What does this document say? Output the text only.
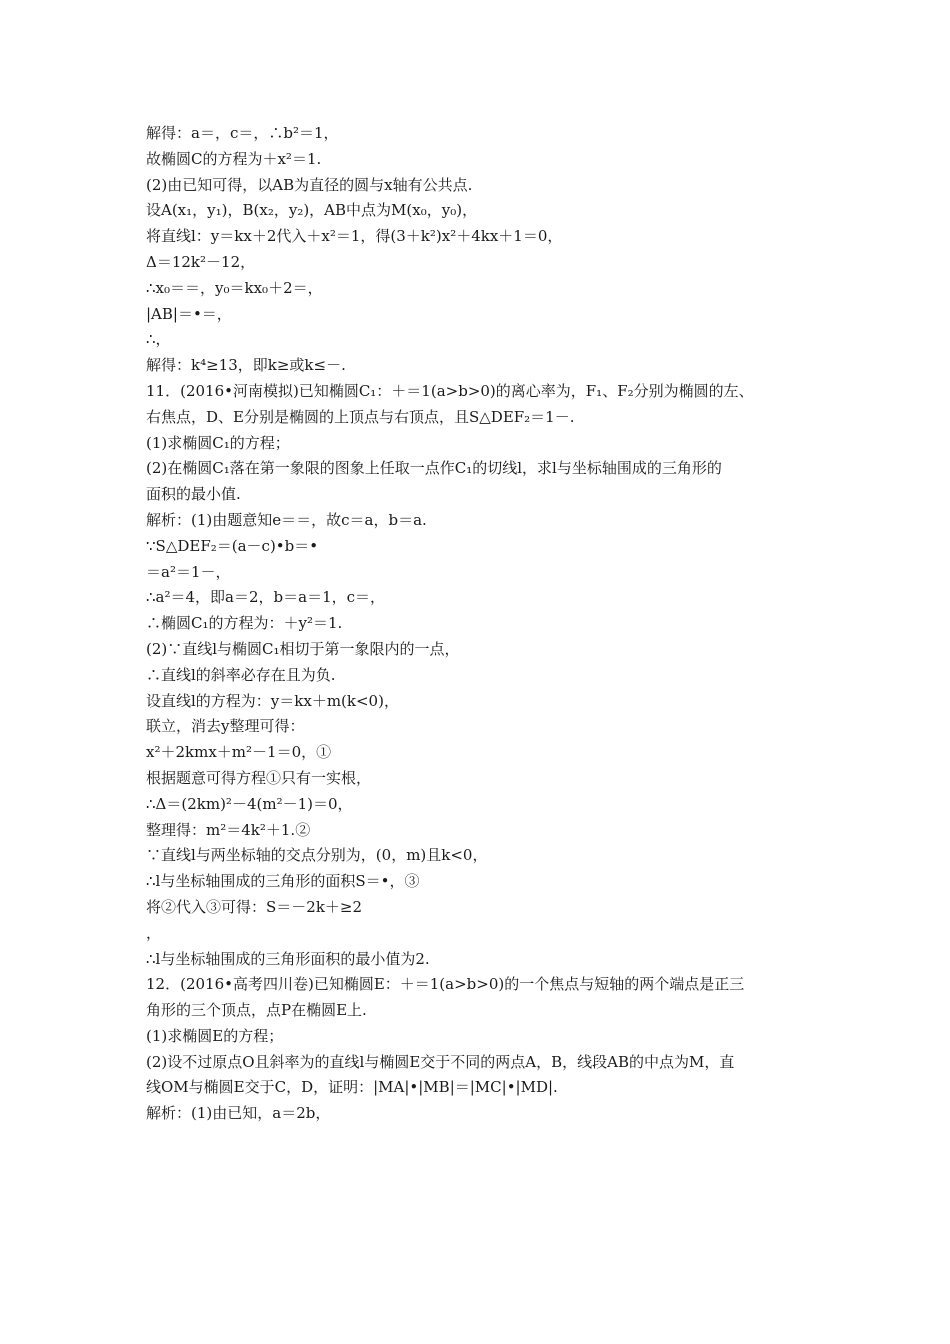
解得：a＝，c＝，∴b²＝1，
故椭圆C的方程为＋x²＝1.
(2)由已知可得，以AB为直径的圆与x轴有公共点.
设A(x₁，y₁)，B(x₂，y₂)，AB中点为M(x₀，y₀)，
将直线l：y＝kx＋2代入＋x²＝1，得(3＋k²)x²＋4kx＋1＝0，
Δ＝12k²－12，
∴x₀＝＝，y₀＝kx₀＋2＝，
|AB|＝•＝，
∴，
解得：k⁴≥13，即k≥或k≤－.
11．(2016•河南模拟)已知椭圆C₁：＋＝1(a>b>0)的离心率为，F₁、F₂分别为椭圆的左、
右焦点，D、E分别是椭圆的上顶点与右顶点，且S△DEF₂＝1－.
(1)求椭圆C₁的方程；
(2)在椭圆C₁落在第一象限的图象上任取一点作C₁的切线l，求l与坐标轴围成的三角形的
面积的最小值.
解析：(1)由题意知e＝＝，故c＝a，b＝a.
∵S△DEF₂＝(a－c)•b＝•
＝a²＝1－，
∴a²＝4，即a＝2，b＝a＝1，c＝，
∴椭圆C₁的方程为：＋y²＝1.
(2)∵直线l与椭圆C₁相切于第一象限内的一点，
∴直线l的斜率必存在且为负.
设直线l的方程为：y＝kx＋m(k<0)，
联立，消去y整理可得：
x²＋2kmx＋m²－1＝0，①
根据题意可得方程①只有一实根，
∴Δ＝(2km)²－4(m²－1)＝0，
整理得：m²＝4k²＋1.②
∵直线l与两坐标轴的交点分别为，(0，m)且k<0，
∴l与坐标轴围成的三角形的面积S＝•，③
将②代入③可得：S＝－2k＋≥2
，
∴l与坐标轴围成的三角形面积的最小值为2.
12．(2016•高考四川卷)已知椭圆E：＋＝1(a>b>0)的一个焦点与短轴的两个端点是正三
角形的三个顶点，点P在椭圆E上.
(1)求椭圆E的方程；
(2)设不过原点O且斜率为的直线l与椭圆E交于不同的两点A，B，线段AB的中点为M，直
线OM与椭圆E交于C，D，证明：|MA|•|MB|＝|MC|•|MD|.
解析：(1)由已知，a＝2b，
